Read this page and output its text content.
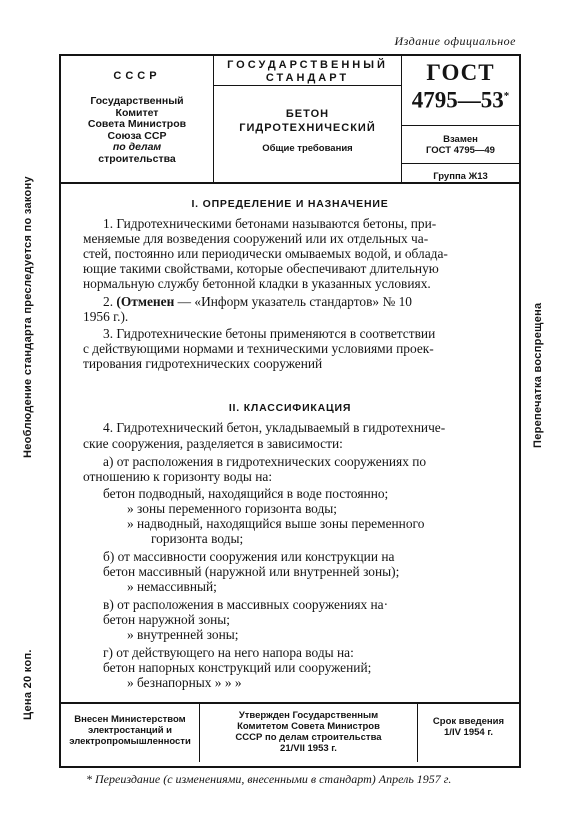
Издание официальное
Необлюдение стандарта преследуется по закону
Цена 20 коп.
Перепечатка воспрещена
СССР
Государственный
Комитет
Совета Министров
Союза ССР
по делам
строительства
ГОСУДАРСТВЕННЫЙ
СТАНДАРТ
БЕТОН
ГИДРОТЕХНИЧЕСКИЙ
Общие требования
ГОСТ
4795—53*
Взамен
ГОСТ 4795—49
Группа Ж13
I. ОПРЕДЕЛЕНИЕ И НАЗНАЧЕНИЕ
1. Гидротехническими бетонами называются бетоны, при-
меняемые для возведения сооружений или их отдельных ча-
стей, постоянно или периодически омываемых водой, и облада-
ющие такими свойствами, которые обеспечивают длительную
нормальную службу бетонной кладки в указанных условиях.
2. (Отменен — «Информ указатель стандартов» № 10
1956 г.).
3. Гидротехнические бетоны применяются в соответствии
с действующими нормами и техническими условиями проек-
тирования гидротехнических сооружений
II. КЛАССИФИКАЦИЯ
4. Гидротехнический бетон, укладываемый в гидротехниче-
ские сооружения, разделяется в зависимости:
а) от расположения в гидротехнических сооружениях по
отношению к горизонту воды на:
бетон подводный, находящийся в воде постоянно;
» зоны переменного горизонта воды;
» надводный, находящийся выше зоны переменного
горизонта воды;
б) от массивности сооружения или конструкции на
бетон массивный (наружной или внутренней зоны);
» немассивный;
в) от расположения в массивных сооружениях на·
бетон наружной зоны;
» внутренней зоны;
г) от действующего на него напора воды на:
бетон напорных конструкций или сооружений;
» безнапорных » » »
Внесен Министерством
электростанций и
электропромышленности
Утвержден Государственным
Комитетом Совета Министров
СССР по делам строительства
21/VII 1953 г.
Срок введения
1/IV 1954 г.
* Переиздание (с изменениями, внесенными в стандарт) Апрель 1957 г.
